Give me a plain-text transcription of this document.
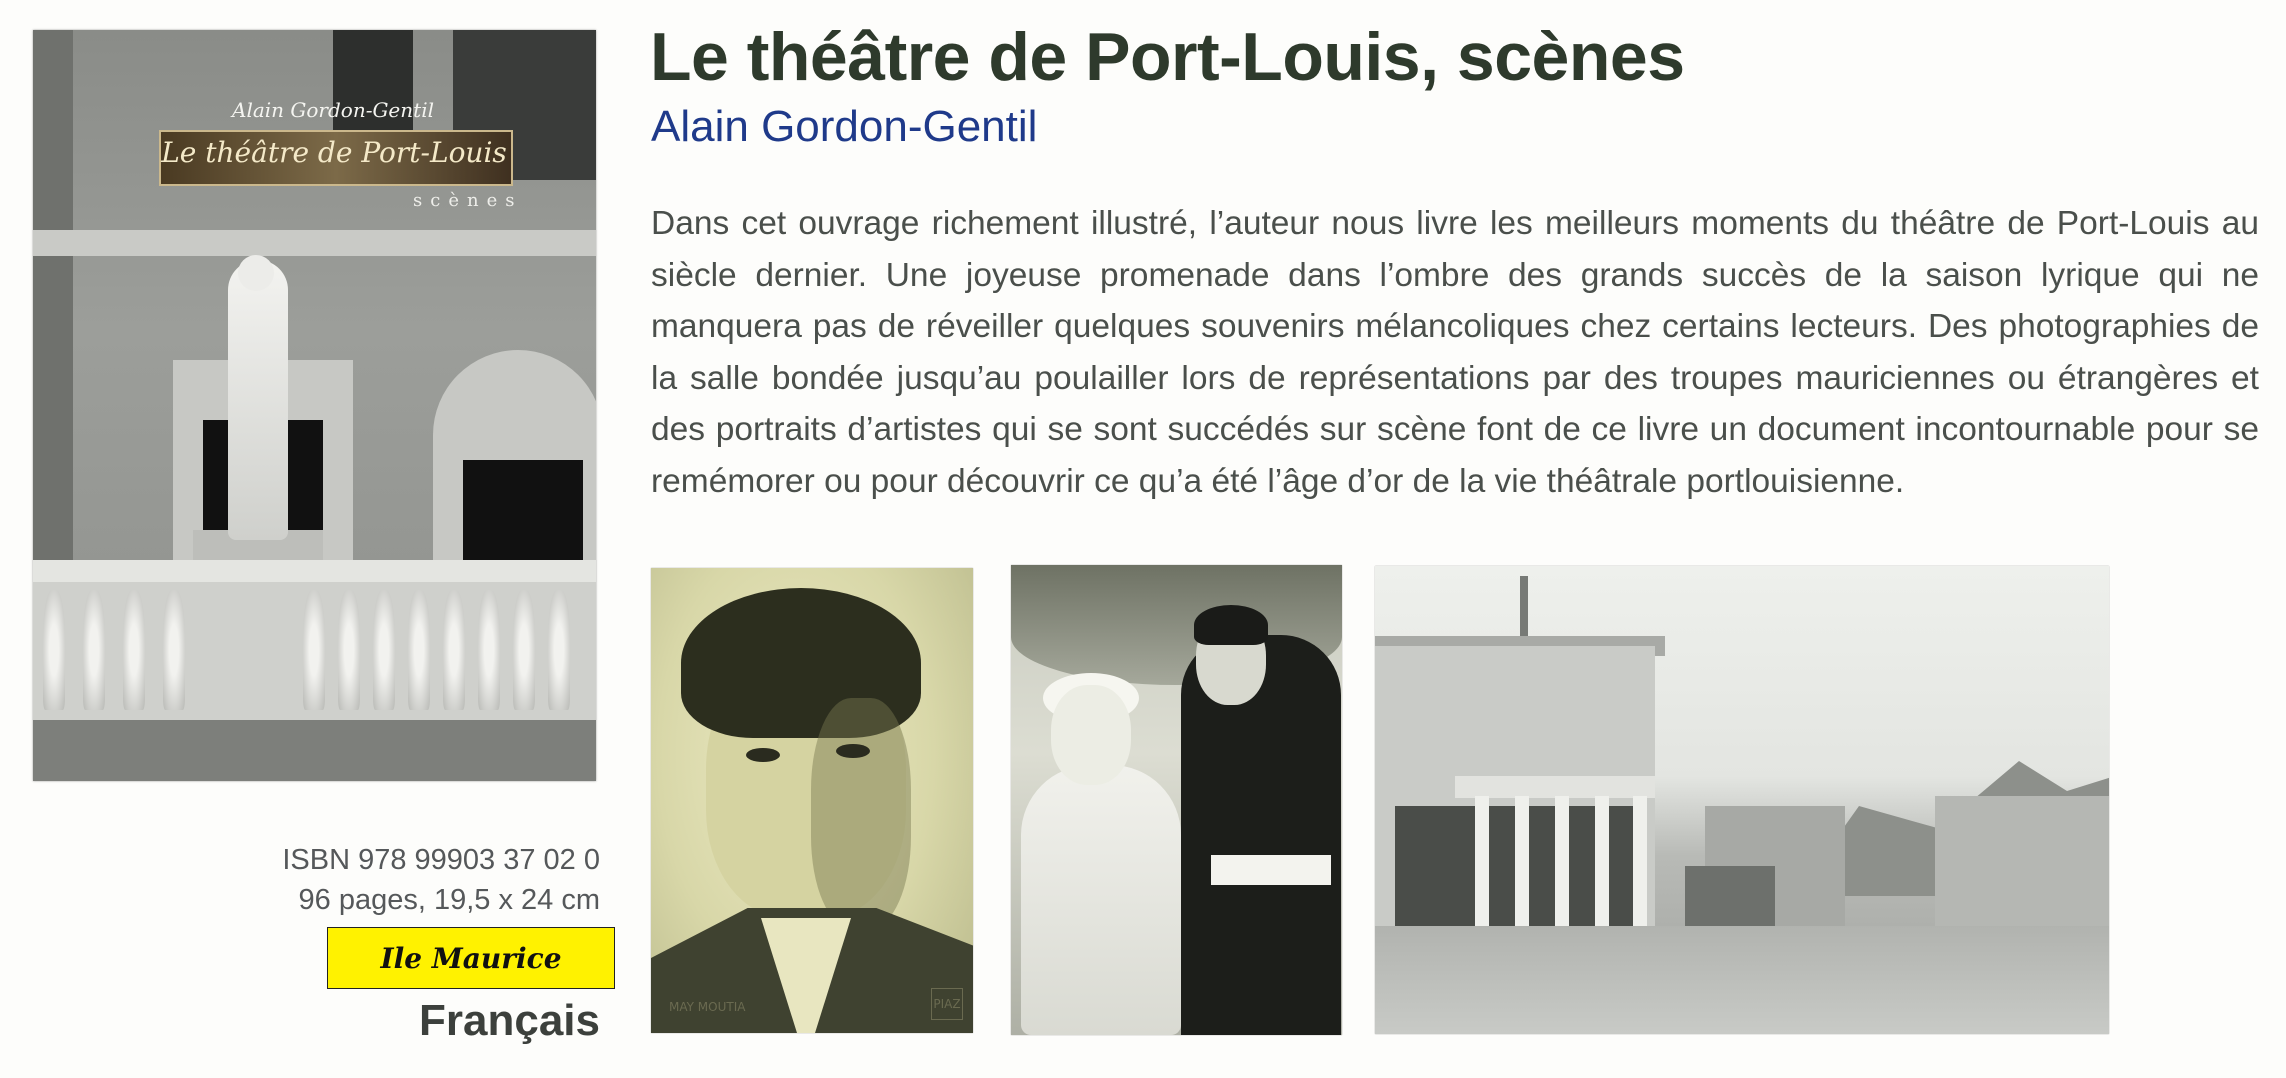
Alain Gordon-Gentil
Le théâtre de Port-Louis
scènes
ISBN 978 99903 37 02 0
96 pages, 19,5 x 24 cm
Ile Maurice
Français
Le théâtre de Port-Louis, scènes
Alain Gordon-Gentil

Dans cet ouvrage richement illustré, l’auteur nous livre les meilleurs moments du théâtre de Port-Louis au siècle dernier. Une joyeuse promenade dans l’ombre des grands succès de la saison lyrique qui ne manquera pas de réveiller quelques souvenirs mélancoliques chez certains lecteurs. Des photographies de la salle bondée jusqu’au poulailler lors de représentations par des troupes mauriciennes ou étrangères et des portraits d’artistes qui se sont succédés sur scène font de ce livre un document incontournable pour se remémorer ou pour découvrir ce qu’a été l’âge d’or de la vie théâtrale portlouisienne.

MAY MOUTIA	PIAZ
